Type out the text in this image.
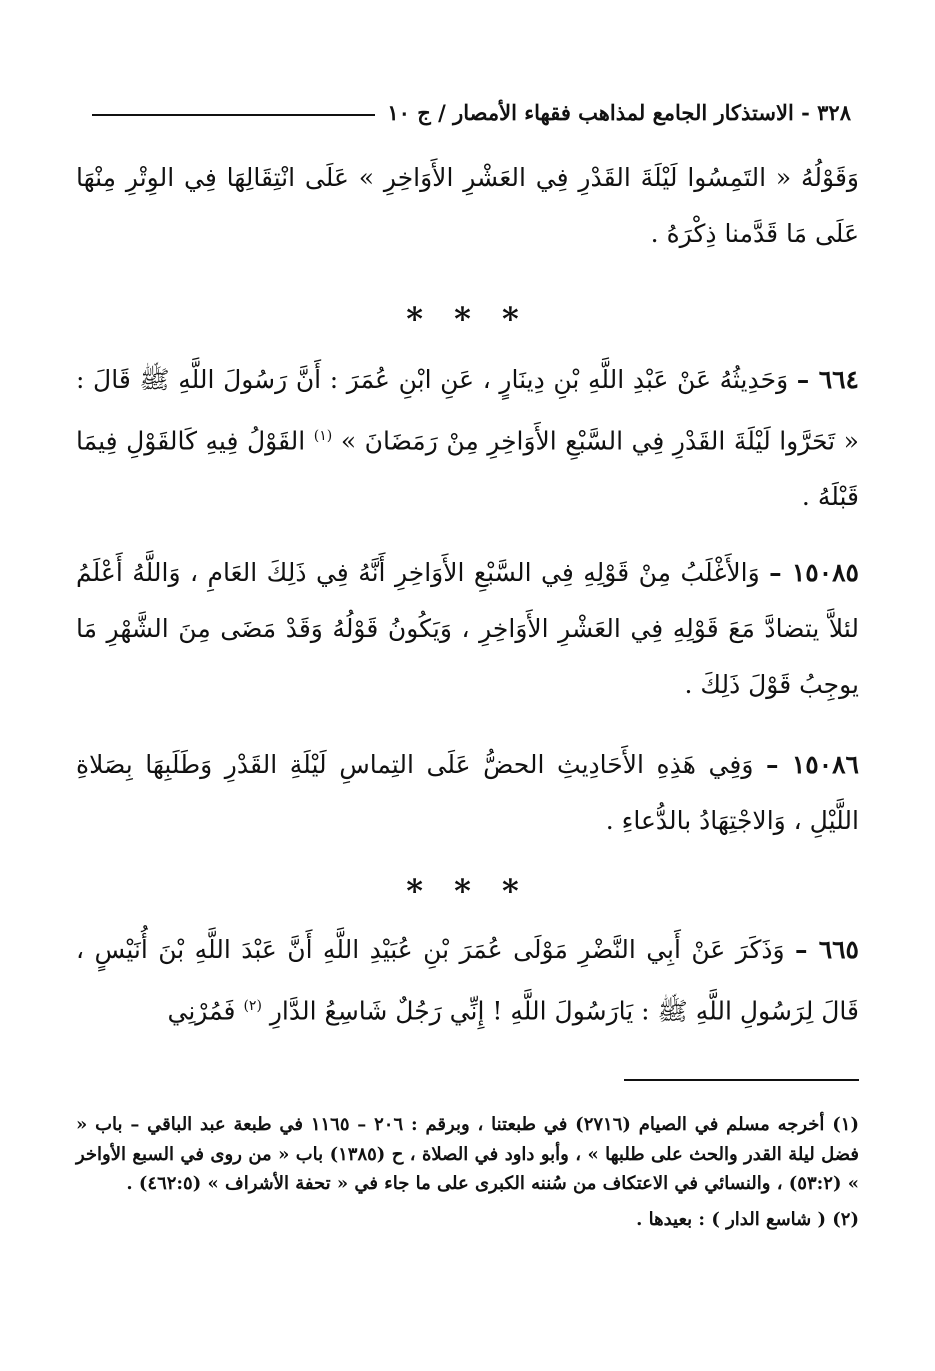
٣٢٨ - الاستذكار الجامع لمذاهب فقهاء الأمصار / ج ١٠

وَقَوْلُهُ « التَمِسُوا لَيْلَةَ القَدْرِ فِي العَشْرِ الأَوَاخِرِ » عَلَى انْتِقَالِهَا فِي الوِتْرِ مِنْهَا عَلَى مَا قَدَّمنا ذِكْرَهُ .

* * *

٦٦٤ – وَحَدِيثُهُ عَنْ عَبْدِ اللَّهِ بْنِ دِينَارٍ ، عَنِ ابْنِ عُمَرَ : أَنَّ رَسُولَ اللَّهِ ﷺ قَالَ : « تَحَرَّوا لَيْلَةَ القَدْرِ فِي السَّبْعِ الأَوَاخِرِ مِنْ رَمَضَانَ » $^{(١)}$ القَوْلُ فِيهِ كَالقَوْلِ فِيمَا قَبْلَهُ .

١٥٠٨٥ – وَالأَغْلَبُ مِنْ قَوْلِهِ فِي السَّبْعِ الأَوَاخِرِ أَنَّهُ فِي ذَلِكَ العَامِ ، وَاللَّهُ أَعْلَمُ لئلاَّ يتضادَّ مَعَ قَوْلِهِ فِي العَشْرِ الأَوَاخِرِ ، وَيَكُونُ قَوْلُهُ وَقَدْ مَضَى مِنَ الشَّهْرِ مَا يوجِبُ قَوْلَ ذَلِكَ .

١٥٠٨٦ – وَفِي هَذِهِ الأَحَادِيثِ الحضُّ عَلَى التِماسِ لَيْلَةِ القَدْرِ وَطَلَبِهَا بِصَلاةِ اللَّيْلِ ، وَالاجْتِهَادُ بالدُّعاءِ .

* * *

٦٦٥ – وَذَكَرَ عَنْ أَبِي النَّضْرِ مَوْلَى عُمَرَ بْنِ عُبَيْدِ اللَّهِ أَنَّ عَبْدَ اللَّهِ بْنَ أُنَيْسٍ ، قَالَ لِرَسُولِ اللَّهِ ﷺ : يَارَسُولَ اللَّهِ ! إِنِّي رَجُلٌ شَاسِعُ الدَّارِ $^{(٢)}$ فَمُرْنِي

(١) أخرجه مسلم في الصيام (٢٧١٦) في طبعتنا ، وبرقم : ٢٠٦ – ١١٦٥ في طبعة عبد الباقي – باب « فضل ليلة القدر والحث على طلبها » ، وأبو داود في الصلاة ، ح (١٣٨٥) باب « من روى في السبع الأواخر » (٥٣:٢) ، والنسائي في الاعتكاف من سُننه الكبرى على ما جاء في « تحفة الأشراف » (٤٦٢:٥) .

(٢) ( شاسع الدار ) : بعيدها .
